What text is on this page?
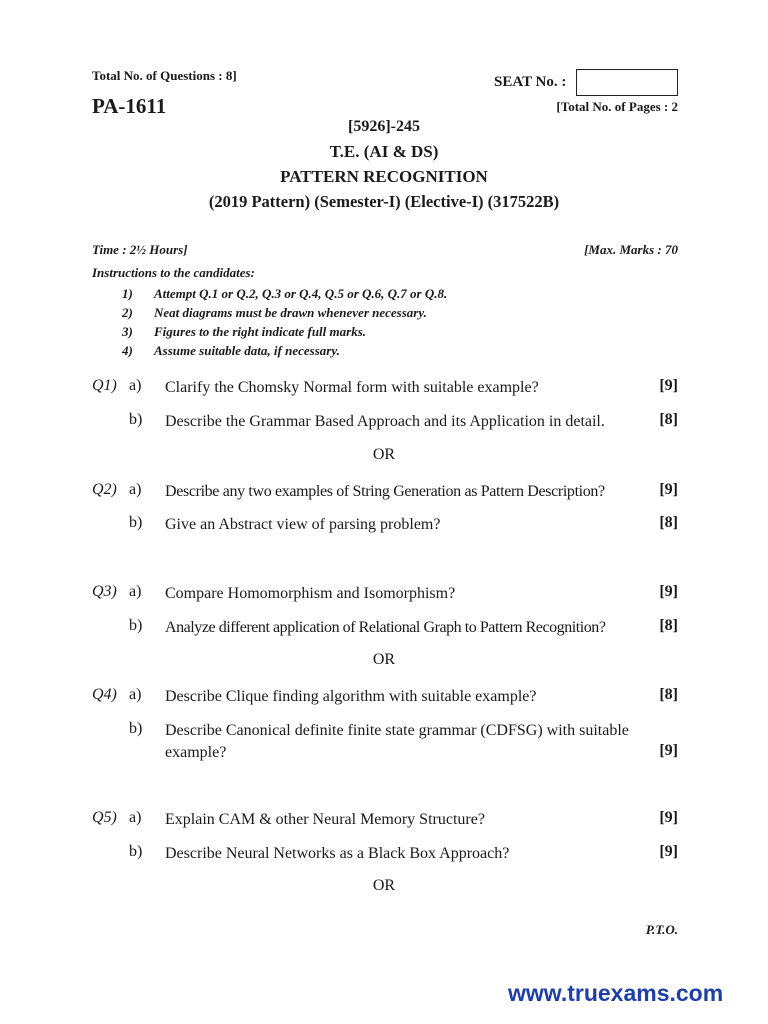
Total No. of Questions : 8]	SEAT No. :
PA-1611	[Total No. of Pages : 2
[5926]-245
T.E. (AI & DS)
PATTERN RECOGNITION
(2019 Pattern) (Semester-I) (Elective-I) (317522B)
Time : 2½ Hours]	[Max. Marks : 70
Instructions to the candidates:
1) Attempt Q.1 or Q.2, Q.3 or Q.4, Q.5 or Q.6, Q.7 or Q.8.
2) Neat diagrams must be drawn whenever necessary.
3) Figures to the right indicate full marks.
4) Assume suitable data, if necessary.
Q1) a) Clarify the Chomsky Normal form with suitable example?	[9]
b) Describe the Grammar Based Approach and its Application in detail.	[8]
OR
Q2) a) Describe any two examples of String Generation as Pattern Description?	[9]
b) Give an Abstract view of parsing problem?	[8]
Q3) a) Compare Homomorphism and Isomorphism?	[9]
b) Analyze different application of Relational Graph to Pattern Recognition?	[8]
OR
Q4) a) Describe Clique finding algorithm with suitable example?	[8]
b) Describe Canonical definite finite state grammar (CDFSG) with suitable example?	[9]
Q5) a) Explain CAM & other Neural Memory Structure?	[9]
b) Describe Neural Networks as a Black Box Approach?	[9]
OR
P.T.O.
www.truexams.com
